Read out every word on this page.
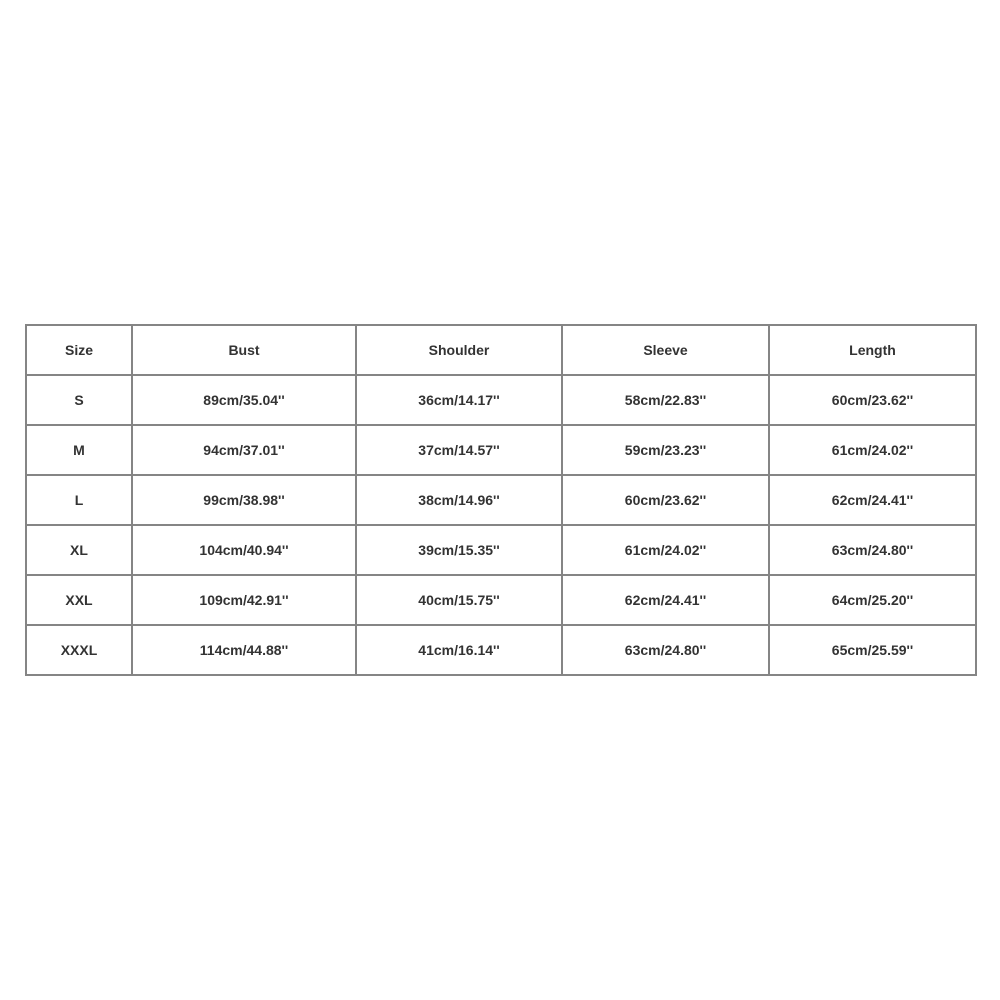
Size	Bust	Shoulder	Sleeve	Length
S	89cm/35.04''	36cm/14.17''	58cm/22.83''	60cm/23.62''
M	94cm/37.01''	37cm/14.57''	59cm/23.23''	61cm/24.02''
L	99cm/38.98''	38cm/14.96''	60cm/23.62''	62cm/24.41''
XL	104cm/40.94''	39cm/15.35''	61cm/24.02''	63cm/24.80''
XXL	109cm/42.91''	40cm/15.75''	62cm/24.41''	64cm/25.20''
XXXL	114cm/44.88''	41cm/16.14''	63cm/24.80''	65cm/25.59''
